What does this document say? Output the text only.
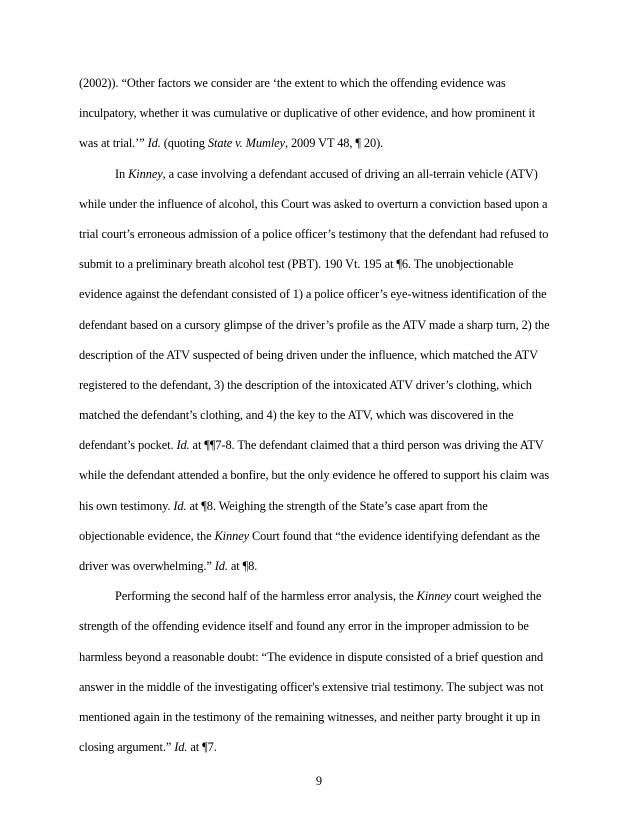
(2002)). “Other factors we consider are ‘the extent to which the offending evidence was
inculpatory, whether it was cumulative or duplicative of other evidence, and how prominent it
was at trial.’” Id. (quoting State v. Mumley, 2009 VT 48, ¶ 20).
In Kinney, a case involving a defendant accused of driving an all-terrain vehicle (ATV)
while under the influence of alcohol, this Court was asked to overturn a conviction based upon a
trial court’s erroneous admission of a police officer’s testimony that the defendant had refused to
submit to a preliminary breath alcohol test (PBT). 190 Vt. 195 at ¶6. The unobjectionable
evidence against the defendant consisted of 1) a police officer’s eye-witness identification of the
defendant based on a cursory glimpse of the driver’s profile as the ATV made a sharp turn, 2) the
description of the ATV suspected of being driven under the influence, which matched the ATV
registered to the defendant, 3) the description of the intoxicated ATV driver’s clothing, which
matched the defendant’s clothing, and 4) the key to the ATV, which was discovered in the
defendant’s pocket. Id. at ¶¶7-8. The defendant claimed that a third person was driving the ATV
while the defendant attended a bonfire, but the only evidence he offered to support his claim was
his own testimony. Id. at ¶8. Weighing the strength of the State’s case apart from the
objectionable evidence, the Kinney Court found that “the evidence identifying defendant as the
driver was overwhelming.” Id. at ¶8.
Performing the second half of the harmless error analysis, the Kinney court weighed the
strength of the offending evidence itself and found any error in the improper admission to be
harmless beyond a reasonable doubt: “The evidence in dispute consisted of a brief question and
answer in the middle of the investigating officer's extensive trial testimony. The subject was not
mentioned again in the testimony of the remaining witnesses, and neither party brought it up in
closing argument.” Id. at ¶7.
9
